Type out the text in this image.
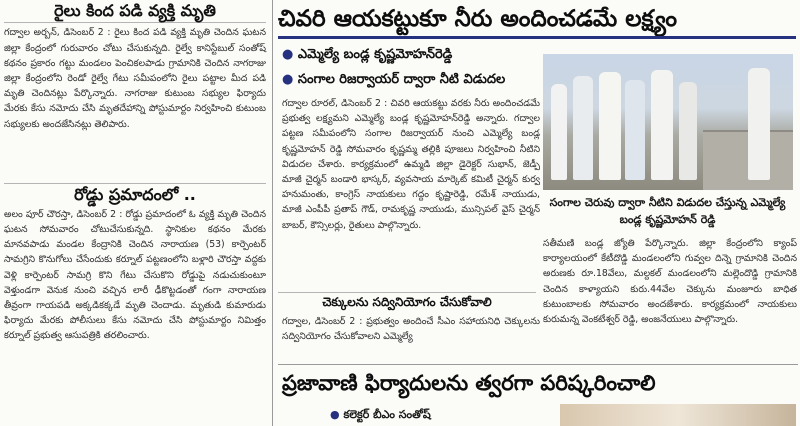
రైలు కింద పడి వ్యక్తి మృతి

గద్వాల అర్బన్, డిసెంబర్ 2 : రైలు కింద పడి వ్యక్తి మృతి చెందిన ఘటన జిల్లా కేంద్రంలో గురువారం చోటు చేసుకున్నది. రైల్వే కానిస్టేబుల్ సంతోష్ కథనం ప్రకారం గట్టు మండలం పెంచికలపాడు గ్రామానికి చెందిన నాగరాజు జిల్లా కేంద్రంలోని రెండో రైల్వే గేటు సమీపంలోని రైలు పట్టాల మీద పడి మృతి చెందినట్లు పేర్కొన్నారు. నాగరాజు కుటుంబ సభ్యుల ఫిర్యాదు మేరకు కేసు నమోదు చేసి మృతదేహాన్ని పోస్టుమార్టం నిర్వహించి కుటుంబ సభ్యులకు అందజేసినట్లు తెలిపారు.

రోడ్డు ప్రమాదంలో ..

అలం పూర్ చౌరస్తా, డిసెంబర్ 2 : రోడ్డు ప్రమాదంలో ఓ వ్యక్తి మృతి చెందిన ఘటన సోమవారం చోటుచేసుకున్నది. స్థానికుల కథనం మేరకు మానవపాడు మండల కేంద్రానికి చెందిన నారాయణ (53) కార్పెంటర్ సామగ్రిని కొనుగోలు చేసేందుకు కర్నూల్ పట్టణంలోని బళ్లారి చౌరస్తా వద్దకు వెళ్లి కార్పెంటర్ సామగ్రి కొని గేటు చేసుకొని రోడ్డుపై నడుచుకుంటూ వెళ్తుండగా వెనుక నుంచి వచ్చిన లారీ ఢీకొట్టడంతో గంగా నారాయణ తీవ్రంగా గాయపడి అక్కడికక్కడే మృతి చెందాడు. మృతుడి కుమారుడు ఫిర్యాదు మేరకు పోలీసులు కేసు నమోదు చేసి పోస్టుమార్టం నిమిత్తం కర్నూల్ ప్రభుత్వ ఆసుపత్రికి తరలించారు.

చివరి ఆయకట్టుకూ నీరు అందించడమే లక్ష్యం
● ఎమ్మెల్యే బండ్ల కృష్ణమోహన్‌రెడ్డి
● సంగాల రిజర్వాయర్ ద్వారా నీటి విడుదల

గద్వాల రూరల్, డిసెంబర్ 2 : చివరి ఆయకట్టు వరకు నీరు అందించడమే ప్రభుత్వ లక్ష్యమని ఎమ్మెల్యే బండ్ల కృష్ణమోహన్‌రెడ్డి అన్నారు. గద్వాల పట్టణ సమీపంలోని సంగాల రిజర్వాయర్ నుంచి ఎమ్మెల్యే బండ్ల కృష్ణమోహన్ రెడ్డి సోమవారం కృష్ణమ్మ తల్లికి పూజలు నిర్వహించి నీటిని విడుదల చేశారు. కార్యక్రమంలో ఉమ్మడి జిల్లా డైరెక్టర్ సుభాన్, జెడ్పీ మాజీ చైర్మన్ బండారి భాస్కర్, వ్యవసాయ మార్కెట్ కమిటీ చైర్మన్ కుర్వ హనుమంతు, కాంగ్రెస్ నాయకులు గద్దం కృష్ణారెడ్డి, రమేశ్ నాయుడు, మాజీ ఎంపీపీ ప్రతాప్ గౌడ్, రామకృష్ణ నాయుడు, మున్సిపల్ వైస్ చైర్మన్ బాబర్, కౌన్సిలర్లు, రైతులు పాల్గొన్నారు.

సంగాల చెరువు ద్వారా నీటిని విడుదల చేస్తున్న ఎమ్మెల్యే బండ్ల కృష్ణమోహన్ రెడ్డి
చెక్కులను సద్వినియోగం చేసుకోవాలి

గద్వాల, డిసెంబర్ 2 : ప్రభుత్వం అందించే సీఎం సహాయనిధి చెక్కులను సద్వినియోగం చేసుకోవాలని ఎమ్మెల్యే

సతీమణి బండ్ల జ్యోతి పేర్కొన్నారు. జిల్లా కేంద్రంలోని క్యాంప్ కార్యాలయంలో కేటీదొడ్డి మండలంలోని గువ్వల దిన్నె గ్రామానికి చెందిన అరుణకు రూ.18వేలు, మల్దకల్ మండలంలోని మల్లెందొడ్డి గ్రామానికి చెందిన కాళ్యాయని కురు.44వేల చెక్కును మంజూరు బాధిత కుటుంబాలకు సోమవారం అందజేశారు. కార్యక్రమంలో నాయకులు కురుమన్న వెంకటేశ్వర్ రెడ్డి, అంజనేయులు పాల్గొన్నారు.

ప్రజావాణి ఫిర్యాదులను త్వరగా పరిష్కరించాలి
● కలెక్టర్ బీఎం సంతోష్
